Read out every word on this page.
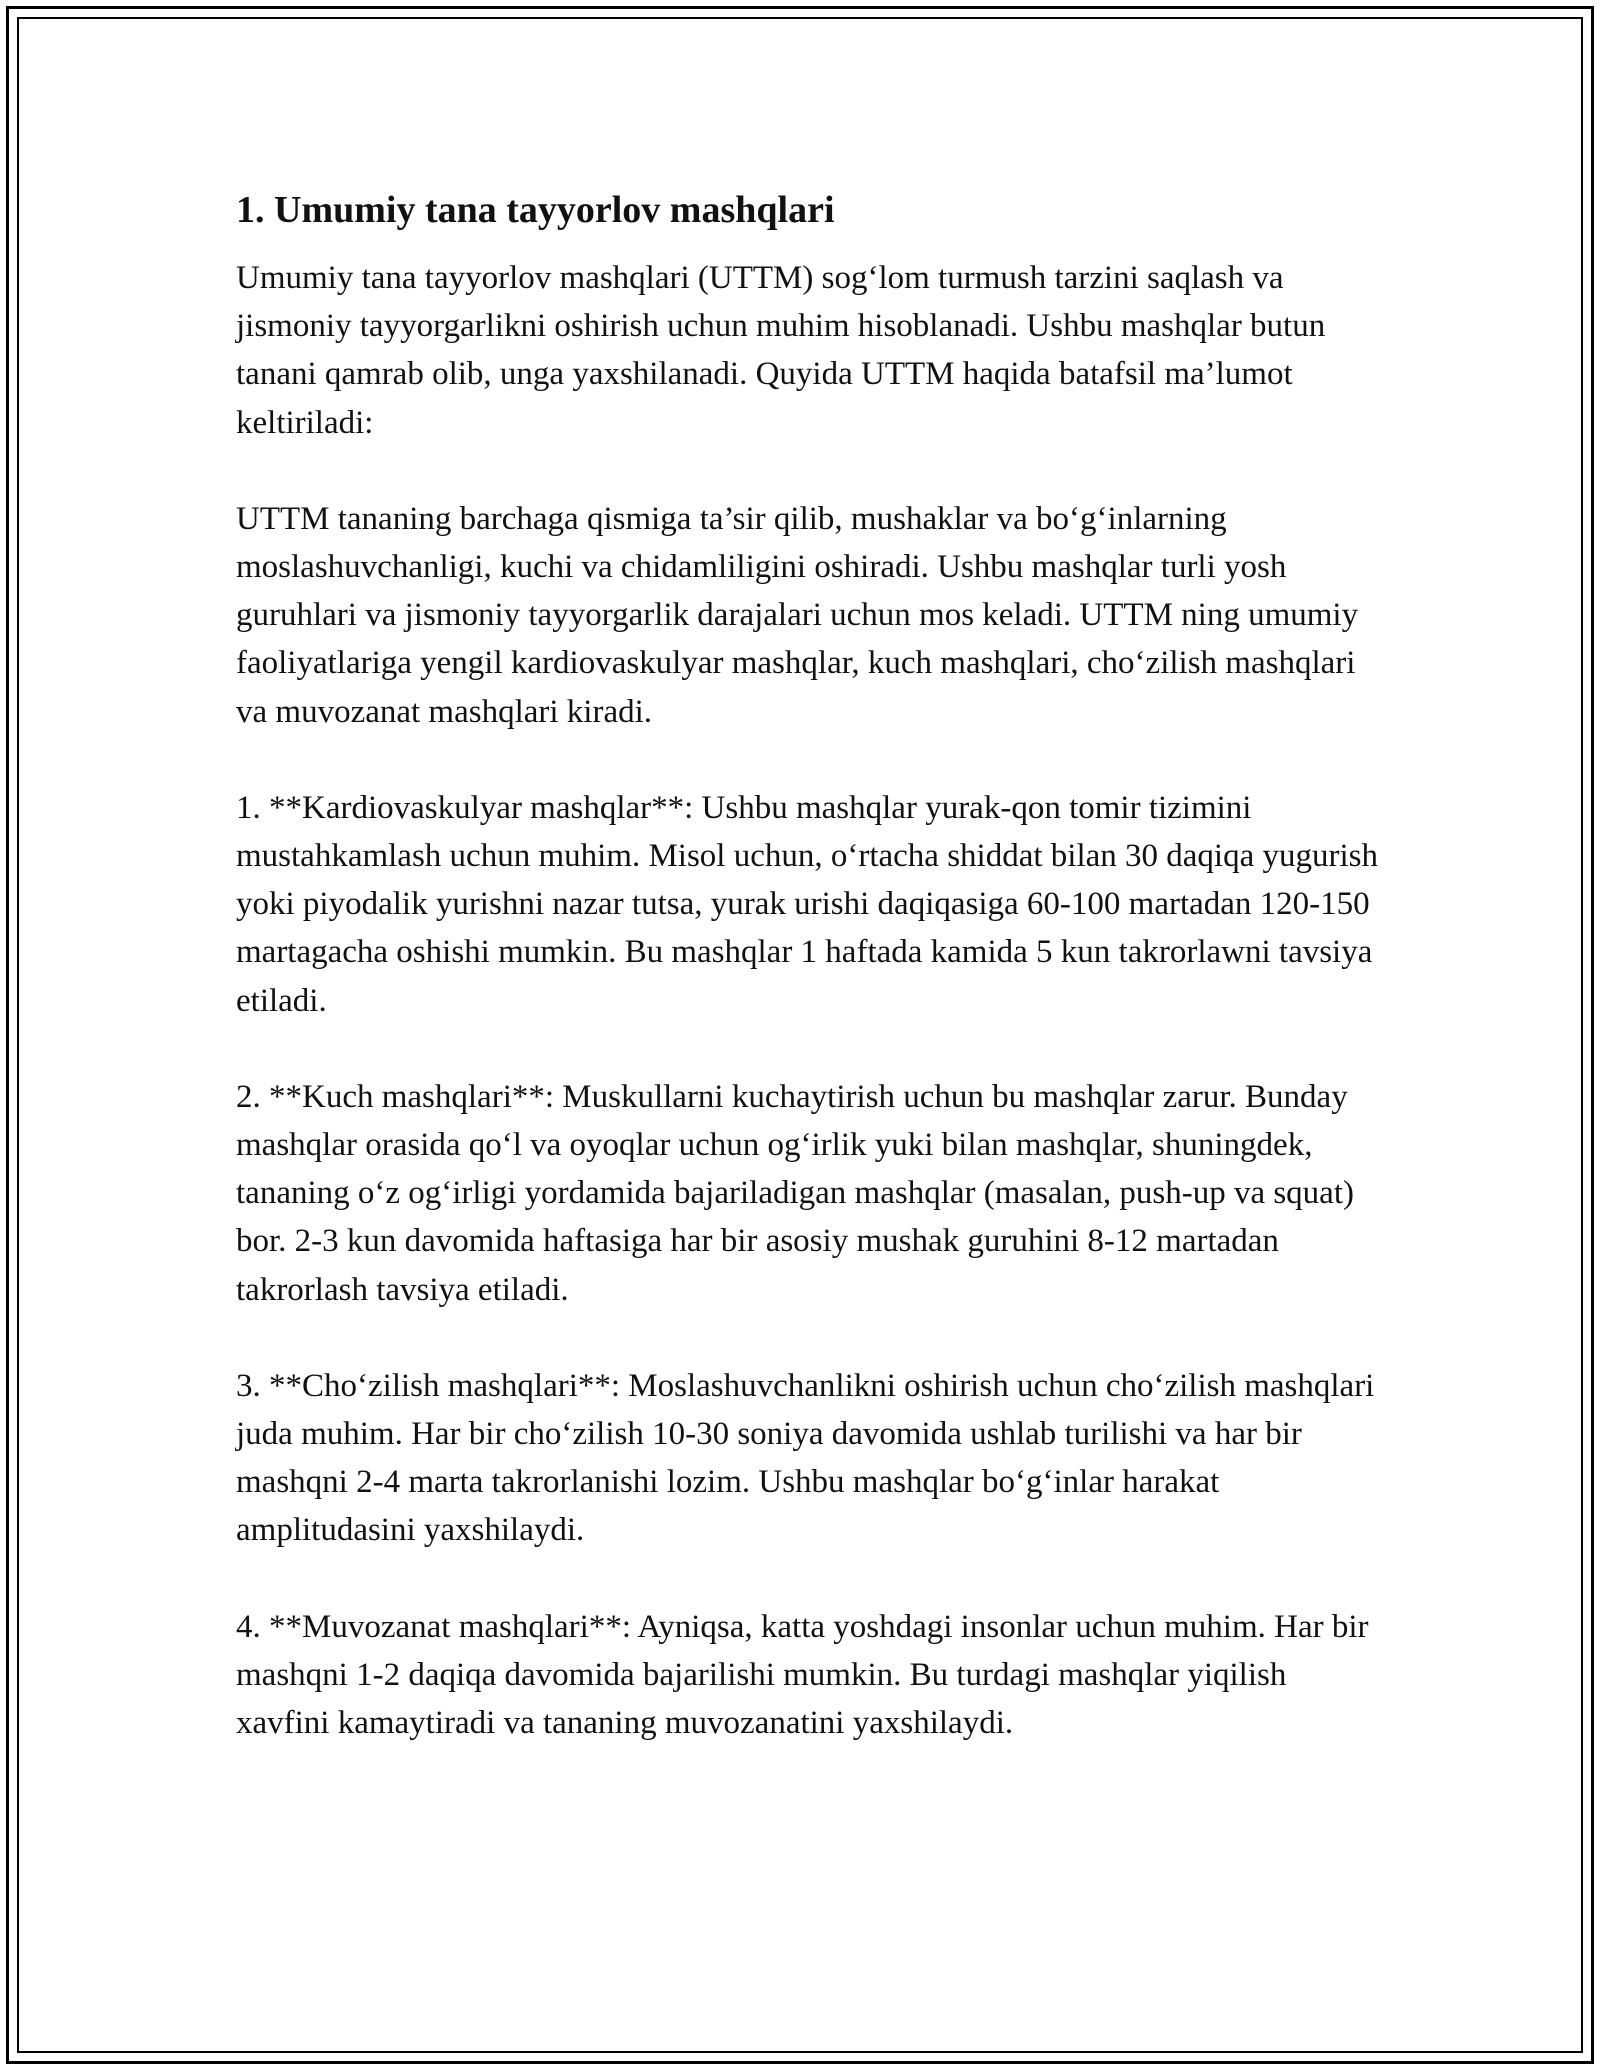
1. Umumiy tana tayyorlov mashqlari

Umumiy tana tayyorlov mashqlari (UTTM) sog‘lom turmush tarzini saqlash va jismoniy tayyorgarlikni oshirish uchun muhim hisoblanadi. Ushbu mashqlar butun tanani qamrab olib, unga yaxshilanadi. Quyida UTTM haqida batafsil ma’lumot keltiriladi:

UTTM tananing barchaga qismiga ta’sir qilib, mushaklar va bo‘g‘inlarning moslashuvchanligi, kuchi va chidamliligini oshiradi. Ushbu mashqlar turli yosh guruhlari va jismoniy tayyorgarlik darajalari uchun mos keladi. UTTM ning umumiy faoliyatlariga yengil kardiovaskulyar mashqlar, kuch mashqlari, cho‘zilish mashqlari va muvozanat mashqlari kiradi.

1. **Kardiovaskulyar mashqlar**: Ushbu mashqlar yurak-qon tomir tizimini mustahkamlash uchun muhim. Misol uchun, o‘rtacha shiddat bilan 30 daqiqa yugurish yoki piyodalik yurishni nazar tutsa, yurak urishi daqiqasiga 60-100 martadan 120-150 martagacha oshishi mumkin. Bu mashqlar 1 haftada kamida 5 kun takrorlawni tavsiya etiladi.

2. **Kuch mashqlari**: Muskullarni kuchaytirish uchun bu mashqlar zarur. Bunday mashqlar orasida qo‘l va oyoqlar uchun og‘irlik yuki bilan mashqlar, shuningdek, tananing o‘z og‘irligi yordamida bajariladigan mashqlar (masalan, push-up va squat) bor. 2-3 kun davomida haftasiga har bir asosiy mushak guruhini 8-12 martadan takrorlash tavsiya etiladi.

3. **Cho‘zilish mashqlari**: Moslashuvchanlikni oshirish uchun cho‘zilish mashqlari juda muhim. Har bir cho‘zilish 10-30 soniya davomida ushlab turilishi va har bir mashqni 2-4 marta takrorlanishi lozim. Ushbu mashqlar bo‘g‘inlar harakat amplitudasini yaxshilaydi.

4. **Muvozanat mashqlari**: Ayniqsa, katta yoshdagi insonlar uchun muhim. Har bir mashqni 1-2 daqiqa davomida bajarilishi mumkin. Bu turdagi mashqlar yiqilish xavfini kamaytiradi va tananing muvozanatini yaxshilaydi.
